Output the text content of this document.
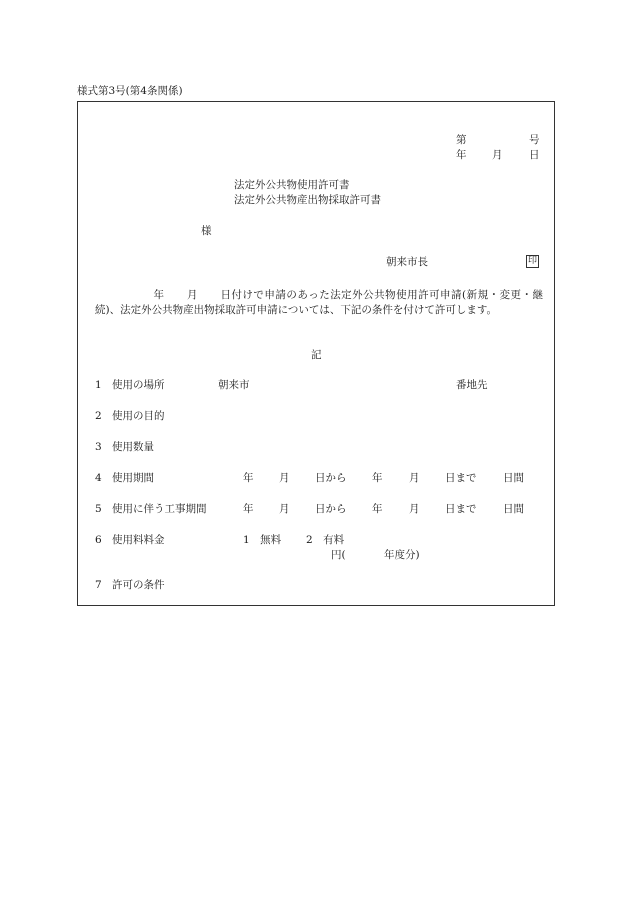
様式第3号(第4条関係)
第	号
年 月	日
法定外公共物使用許可書
法定外公共物産出物採取許可書
様
朝来市長	印
年 月 日付けで申請のあった法定外公共物使用許可申請(新規・変更・継続)、法定外公共物産出物採取許可申請については、下記の条件を付けて許可します。
記
1 使用の場所	朝来市	番地先
2 使用の目的
3 使用数量
4 使用期間	年 月 日から 年	月 日まで	日間
5 使用に伴う工事期間	年 月 日から 年	月 日まで	日間
6 使用料料金	1　無料 2　有料
円(	年度分)
7 許可の条件
